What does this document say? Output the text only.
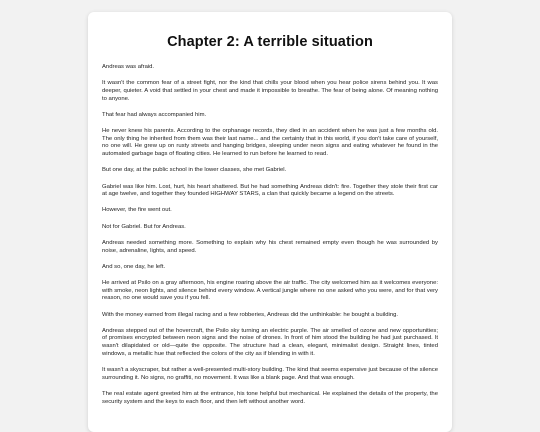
Chapter 2: A terrible situation

Andreas was afraid.

It wasn't the common fear of a street fight, nor the kind that chills your blood when you hear police sirens behind you. It was deeper, quieter. A void that settled in your chest and made it impossible to breathe. The fear of being alone. Of meaning nothing to anyone.

That fear had always accompanied him.

He never knew his parents. According to the orphanage records, they died in an accident when he was just a few months old. The only thing he inherited from them was their last name... and the certainty that in this world, if you don't take care of yourself, no one will. He grew up on rusty streets and hanging bridges, sleeping under neon signs and eating whatever he found in the automated garbage bags of floating cities. He learned to run before he learned to read.

But one day, at the public school in the lower classes, she met Gabriel.

Gabriel was like him. Lost, hurt, his heart shattered. But he had something Andreas didn't: fire. Together they stole their first car at age twelve, and together they founded HIGHWAY STARS, a clan that quickly became a legend on the streets.

However, the fire went out.

Not for Gabriel. But for Andreas.

Andreas needed something more. Something to explain why his chest remained empty even though he was surrounded by noise, adrenaline, lights, and speed.

And so, one day, he left.

He arrived at Psilo on a gray afternoon, his engine roaring above the air traffic. The city welcomed him as it welcomes everyone: with smoke, neon lights, and silence behind every window. A vertical jungle where no one asked who you were, and for that very reason, no one would save you if you fell.

With the money earned from illegal racing and a few robberies, Andreas did the unthinkable: he bought a building.

Andreas stepped out of the hovercraft, the Psilo sky turning an electric purple. The air smelled of ozone and new opportunities; of promises encrypted between neon signs and the noise of drones. In front of him stood the building he had just purchased. It wasn't dilapidated or old—quite the opposite. The structure had a clean, elegant, minimalist design. Straight lines, tinted windows, a metallic hue that reflected the colors of the city as if blending in with it.

It wasn't a skyscraper, but rather a well-presented multi-story building. The kind that seems expensive just because of the silence surrounding it. No signs, no graffiti, no movement. It was like a blank page. And that was enough.

The real estate agent greeted him at the entrance, his tone helpful but mechanical. He explained the details of the property, the security system and the keys to each floor, and then left without another word.
